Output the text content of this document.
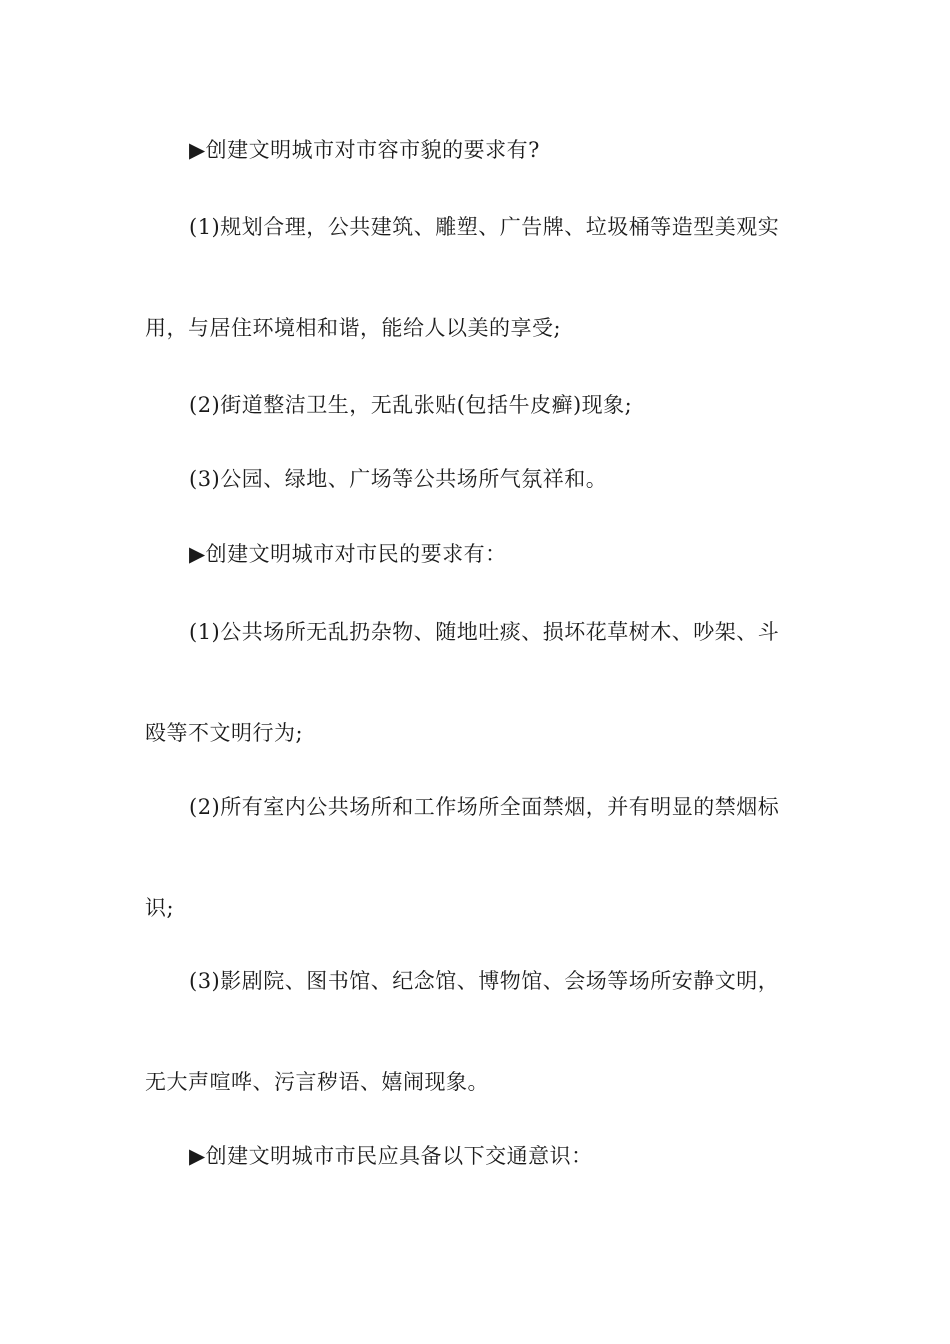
▶创建文明城市对市容市貌的要求有?
(1)规划合理，公共建筑、雕塑、广告牌、垃圾桶等造型美观实
用，与居住环境相和谐，能给人以美的享受;
(2)街道整洁卫生，无乱张贴(包括牛皮癣)现象;
(3)公园、绿地、广场等公共场所气氛祥和。
▶创建文明城市对市民的要求有：
(1)公共场所无乱扔杂物、随地吐痰、损坏花草树木、吵架、斗
殴等不文明行为;
(2)所有室内公共场所和工作场所全面禁烟，并有明显的禁烟标
识;
(3)影剧院、图书馆、纪念馆、博物馆、会场等场所安静文明，
无大声喧哗、污言秽语、嬉闹现象。
▶创建文明城市市民应具备以下交通意识：
